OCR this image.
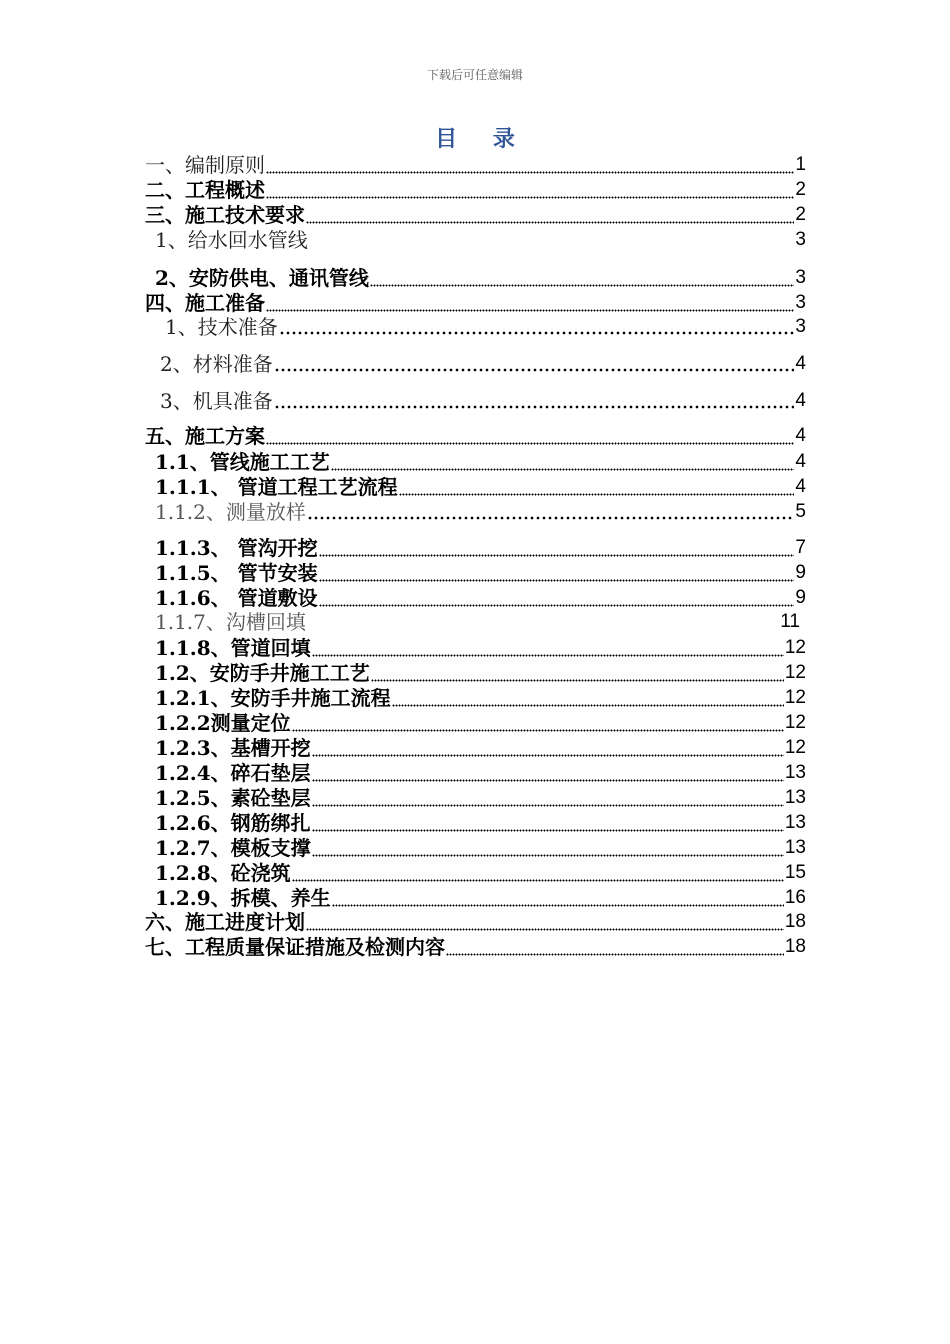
下载后可任意编辑
目 录
一、编制原则	1
二、工程概述	2
三、施工技术要求	2
1、给水回水管线	3
2、安防供电、通讯管线	3
四、施工准备	3
1、技术准备	3
2、材料准备	4
3、机具准备	4
五、施工方案	4
1.1、管线施工工艺	4
1.1.1、 管道工程工艺流程	4
1.1.2、测量放样	5
1.1.3、 管沟开挖	7
1.1.5、 管节安装	9
1.1.6、 管道敷设	9
1.1.7、沟槽回填	11
1.1.8、管道回填	12
1.2、安防手井施工工艺	12
1.2.1、安防手井施工流程	12
1.2.2测量定位	12
1.2.3、基槽开挖	12
1.2.4、碎石垫层	13
1.2.5、素砼垫层	13
1.2.6、钢筋绑扎	13
1.2.7、模板支撑	13
1.2.8、砼浇筑	15
1.2.9、拆模、养生	16
六、施工进度计划	18
七、工程质量保证措施及检测内容	18
